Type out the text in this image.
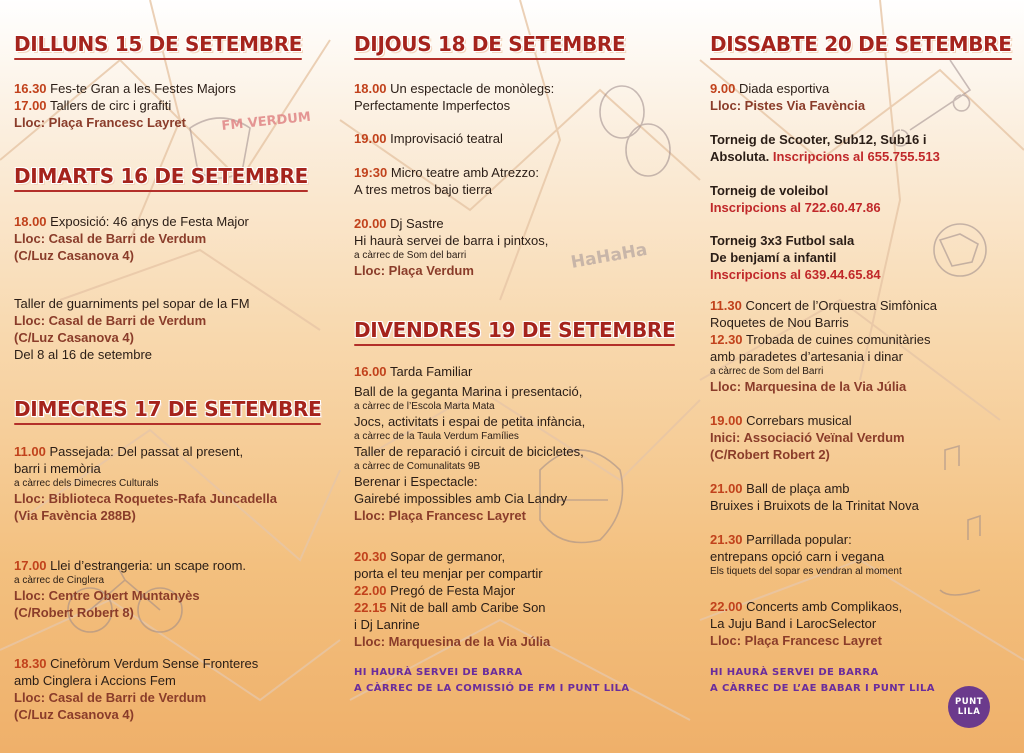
FM VERDUM
HaHaHa
DILLUNS 15 DE SETEMBRE

16.30 Fes-te Gran a les Festes Majors
17.00 Tallers de circ i grafiti
Lloc: Plaça Francesc Layret

DIMARTS 16 DE SETEMBRE

18.00 Exposició: 46 anys de Festa Major
Lloc: Casal de Barri de Verdum
(C/Luz Casanova 4)

Taller de guarniments pel sopar de la FM
Lloc: Casal de Barri de Verdum
(C/Luz Casanova 4)
Del 8 al 16 de setembre

DIMECRES 17 DE SETEMBRE

11.00 Passejada: Del passat al present,
barri i memòria
a càrrec dels Dimecres Culturals
Lloc: Biblioteca Roquetes-Rafa Juncadella
(Via Favència 288B)

17.00 Llei d’estrangeria: un scape room.
a càrrec de Cinglera
Lloc: Centre Obert Muntanyès
(C/Robert Robert 8)

18.30 Cinefòrum Verdum Sense Fronteres
amb Cinglera i Accions Fem
Lloc: Casal de Barri de Verdum
(C/Luz Casanova 4)

DIJOUS 18 DE SETEMBRE

18.00 Un espectacle de monòlegs:
Perfectamente Imperfectos

19.00 Improvisació teatral

19:30 Micro teatre amb Atrezzo:
A tres metros bajo tierra

20.00 Dj Sastre
Hi haurà servei de barra i pintxos,
a càrrec de Som del barri
Lloc: Plaça Verdum

DIVENDRES 19 DE SETEMBRE

16.00 Tarda Familiar
Ball de la geganta Marina i presentació,
a càrrec de l’Escola Marta Mata
Jocs, activitats i espai de petita infància,
a càrrec de la Taula Verdum Famílies
Taller de reparació i circuit de bicicletes,
a càrrec de Comunalitats 9B
Berenar i Espectacle:
Gairebé impossibles amb Cia Landry
Lloc: Plaça Francesc Layret

20.30 Sopar de germanor,
porta el teu menjar per compartir
22.00 Pregó de Festa Major
22.15 Nit de ball amb Caribe Son
i Dj Lanrine
Lloc: Marquesina de la Via Júlia

HI HAURÀ SERVEI DE BARRA
A CÀRREC DE LA COMISSIÓ DE FM I PUNT LILA
DISSABTE 20 DE SETEMBRE

9.00 Diada esportiva
Lloc: Pistes Via Favència

Torneig de Scooter, Sub12, Sub16 i
Absoluta. Inscripcions al 655.755.513

Torneig de voleibol
Inscripcions al 722.60.47.86

Torneig 3x3 Futbol sala
De benjamí a infantil
Inscripcions al 639.44.65.84

11.30 Concert de l’Orquestra Simfònica
Roquetes de Nou Barris
12.30 Trobada de cuines comunitàries
amb paradetes d’artesania i dinar
a càrrec de Som del Barri
Lloc: Marquesina de la Via Júlia

19.00 Correbars musical
Inici: Associació Veïnal Verdum
(C/Robert Robert 2)

21.00 Ball de plaça amb
Bruixes i Bruixots de la Trinitat Nova

21.30 Parrillada popular:
entrepans opció carn i vegana
Els tiquets del sopar es vendran al moment

22.00 Concerts amb Complikaos,
La Juju Band i LarocSelector
Lloc: Plaça Francesc Layret

HI HAURÀ SERVEI DE BARRA
A CÀRREC DE L’AE BABAR I PUNT LILA
PUNT
LILA
